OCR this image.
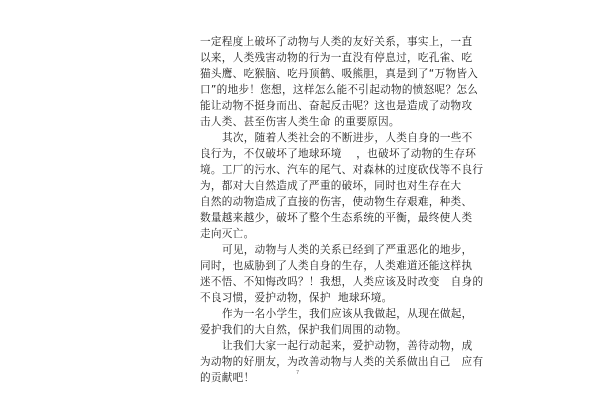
一定程度上破坏了动物与人类的友好关系，事实上，一直
以来，人类残害动物的行为一直没有停息过，吃孔雀、吃
猫头鹰、吃猴脑、吃丹顶鹤、吸熊胆，真是到了“万物皆入
口”的地步！您想，这样怎么能不引起动物的愤怒呢？怎么
能让动物不挺身而出、奋起反击呢？这也是造成了动物攻
击人类、甚至伤害人类生命 的重要原因。
其次，随着人类社会的不断进步，人类自身的一些不
良行为，不仅破坏了地球环境    ，也破坏了动物的生存环
境。工厂的污水、汽车的尾气、对森林的过度砍伐等不良行
为，都对大自然造成了严重的破坏，同时也对生存在大
自然的动物造成了直接的伤害，使动物生存艰难，种类、
数量越来越少，破坏了整个生态系统的平衡，最终使人类
走向灭亡。
可见，动物与人类的关系已经到了严重恶化的地步，
同时，也威胁到了人类自身的生存，人类难道还能这样执
迷不悟、不知悔改吗？！我想，人类应该及时改变   自身的
不良习惯，爱护动物，保护  地球环境。
作为一名小学生，我们应该从我做起，从现在做起，
爱护我们的大自然，保护我们周围的动物。
让我们大家一起行动起来，爱护动物，善待动物，成
为动物的好朋友，为改善动物与人类的关系做出自己   应有
的贡献吧！	7
